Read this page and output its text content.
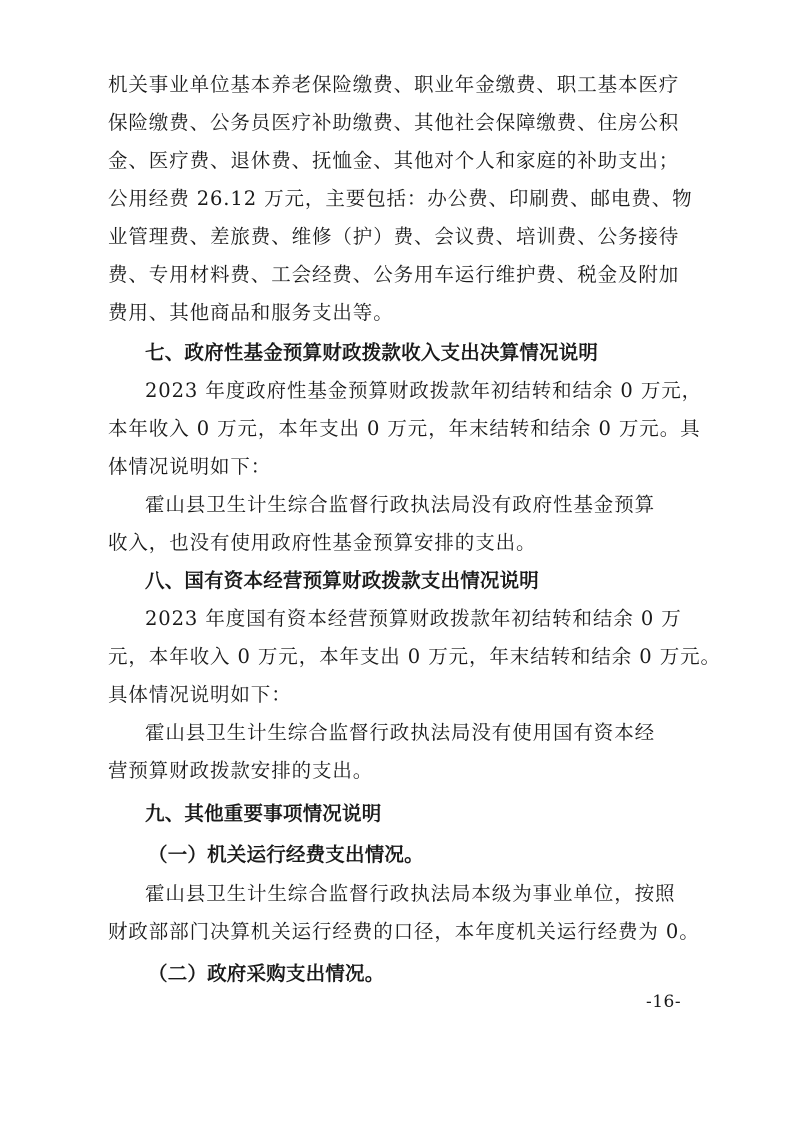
机关事业单位基本养老保险缴费、职业年金缴费、职工基本医疗
保险缴费、公务员医疗补助缴费、其他社会保障缴费、住房公积
金、医疗费、退休费、抚恤金、其他对个人和家庭的补助支出；
公用经费 26.12 万元，主要包括：办公费、印刷费、邮电费、物
业管理费、差旅费、维修（护）费、会议费、培训费、公务接待
费、专用材料费、工会经费、公务用车运行维护费、税金及附加
费用、其他商品和服务支出等。
七、政府性基金预算财政拨款收入支出决算情况说明
2023 年度政府性基金预算财政拨款年初结转和结余 0 万元，
本年收入 0 万元，本年支出 0 万元，年末结转和结余 0 万元。具
体情况说明如下：
霍山县卫生计生综合监督行政执法局没有政府性基金预算
收入，也没有使用政府性基金预算安排的支出。
八、国有资本经营预算财政拨款支出情况说明
2023 年度国有资本经营预算财政拨款年初结转和结余 0 万
元，本年收入 0 万元，本年支出 0 万元，年末结转和结余 0 万元。
具体情况说明如下：
霍山县卫生计生综合监督行政执法局没有使用国有资本经
营预算财政拨款安排的支出。
九、其他重要事项情况说明
（一）机关运行经费支出情况。
霍山县卫生计生综合监督行政执法局本级为事业单位，按照
财政部部门决算机关运行经费的口径，本年度机关运行经费为 0。
（二）政府采购支出情况。
-16-
